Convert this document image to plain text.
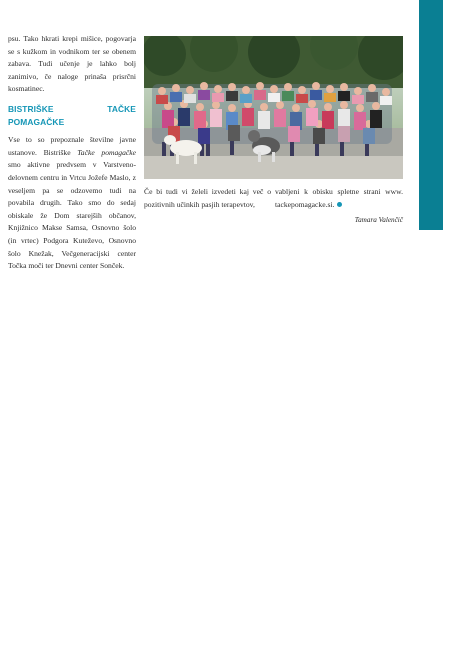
psu. Tako hkrati krepi mišice, pogovarja se s kužkom in vodnikom ter se obenem zabava. Tudi učenje je lahko bolj zanimivo, če naloge prinaša prisrčni kosmatinec.

BISTRIŠKE TAČKE POMAGAČKE

Vse to so prepoznale številne javne ustanove. Bistriške Tačke pomagačke smo aktivne predvsem v Varstveno-delovnem centru in Vrtcu Jožefe Maslo, z veseljem pa se odzovemo tudi na povabila drugih. Tako smo do sedaj obiskale že Dom starejših občanov, Knjižnico Makse Samsa, Osnovno šolo (in vrtec) Podgora Kuteževo, Osnovno šolo Knežak, Večgeneracijski center Točka moči ter Dnevni center Sonček.

Če bi tudi vi želeli izvedeti kaj več o pozitivnih učinkih pasjih terapevtov,

vabljeni k obisku spletne strani www. tackepomagacke.si.

Tamara Valenčič
